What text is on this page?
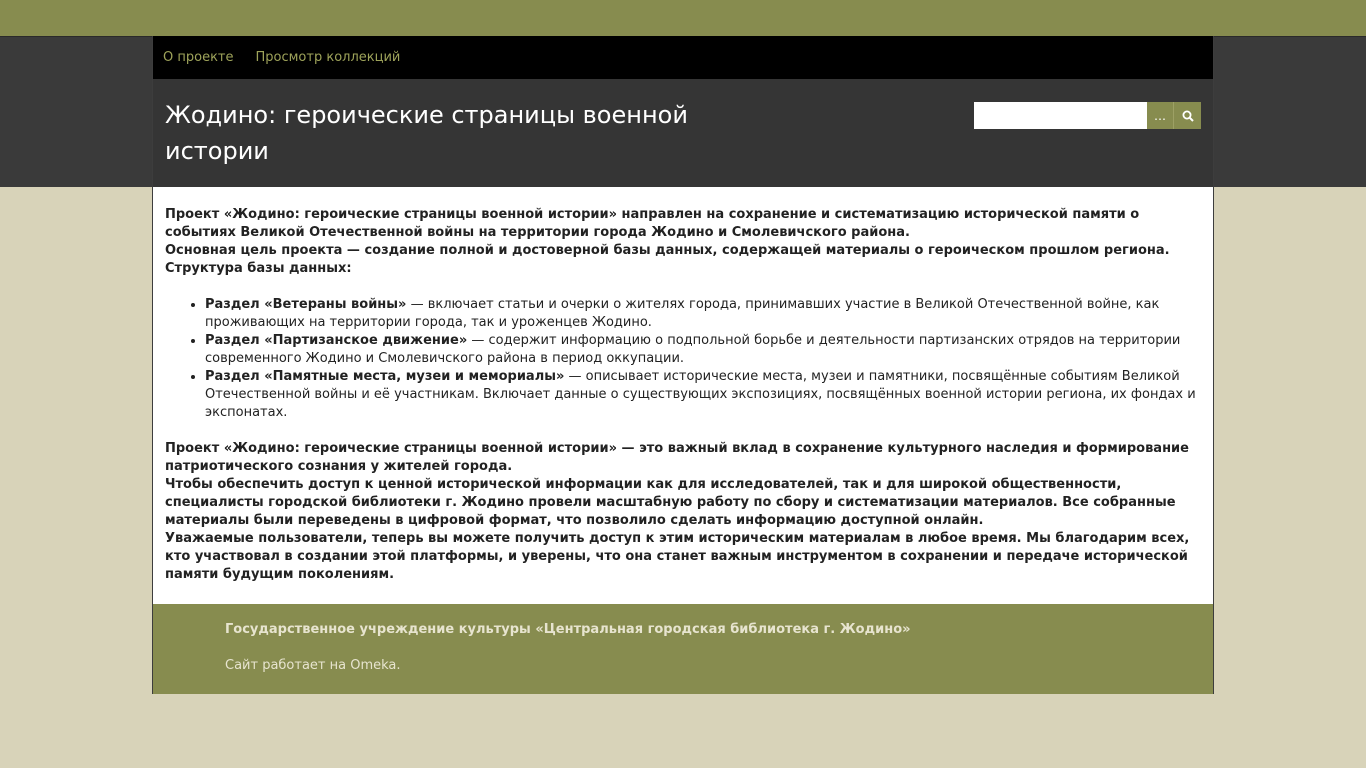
О проекте Просмотр коллекций
Жодино: героические страницы военной истории
…

Проект «Жодино: героические страницы военной истории» направлен на сохранение и систематизацию исторической памяти о событиях Великой Отечественной войны на территории города Жодино и Смолевичского района.

Основная цель проекта — создание полной и достоверной базы данных, содержащей материалы о героическом прошлом региона.

Структура базы данных:

• Раздел «Ветераны войны» — включает статьи и очерки о жителях города, принимавших участие в Великой Отечественной войне, как проживающих на территории города, так и уроженцев Жодино.
• Раздел «Партизанское движение» — содержит информацию о подпольной борьбе и деятельности партизанских отрядов на территории современного Жодино и Смолевичского района в период оккупации.
• Раздел «Памятные места, музеи и мемориалы» — описывает исторические места, музеи и памятники, посвящённые событиям Великой Отечественной войны и её участникам. Включает данные о существующих экспозициях, посвящённых военной истории региона, их фондах и экспонатах.

Проект «Жодино: героические страницы военной истории» — это важный вклад в сохранение культурного наследия и формирование патриотического сознания у жителей города.

Чтобы обеспечить доступ к ценной исторической информации как для исследователей, так и для широкой общественности, специалисты городской библиотеки г. Жодино провели масштабную работу по сбору и систематизации материалов. Все собранные материалы были переведены в цифровой формат, что позволило сделать информацию доступной онлайн.

Уважаемые пользователи, теперь вы можете получить доступ к этим историческим материалам в любое время. Мы благодарим всех, кто участвовал в создании этой платформы, и уверены, что она станет важным инструментом в сохранении и передаче исторической памяти будущим поколениям.

Государственное учреждение культуры «Центральная городская библиотека г. Жодино»

Сайт работает на Omeka.
